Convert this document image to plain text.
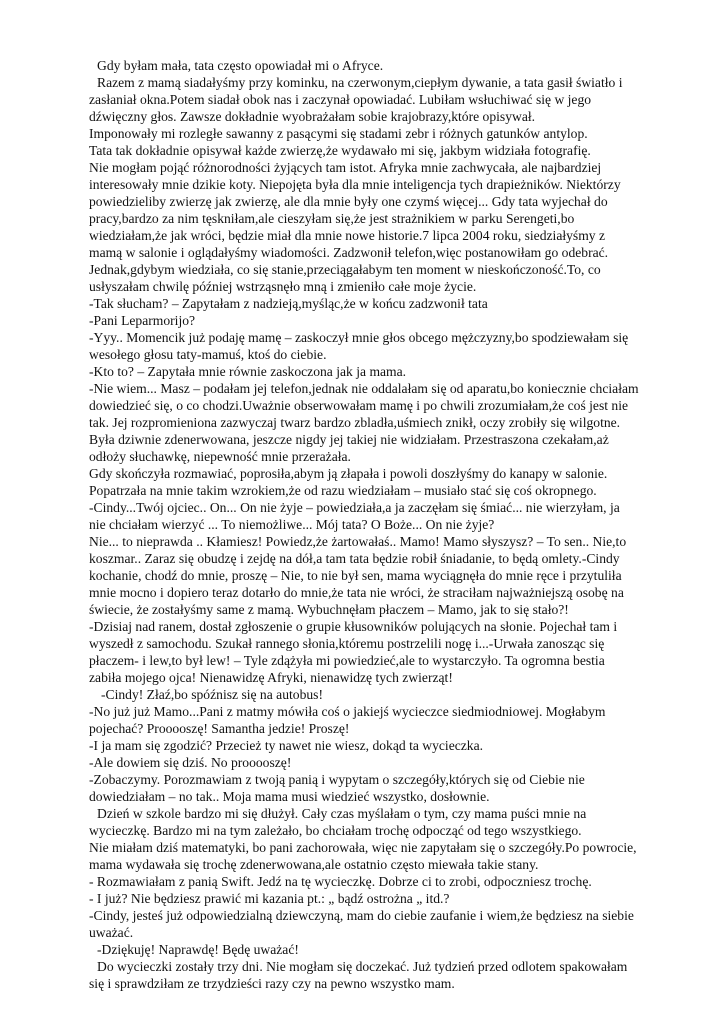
Gdy byłam mała, tata często opowiadał mi o Afryce.

Razem z mamą siadałyśmy przy kominku, na czerwonym,ciepłym dywanie, a tata gasił światło i zasłaniał okna.Potem siadał obok nas i zaczynał opowiadać. Lubiłam wsłuchiwać się w jego dźwięczny głos. Zawsze dokładnie wyobrażałam sobie krajobrazy,które opisywał.

Imponowały mi rozległe sawanny z pasącymi się stadami zebr i różnych gatunków antylop.

Tata tak dokładnie opisywał każde zwierzę,że wydawało mi się, jakbym widziała fotografię.

Nie mogłam pojąć różnorodności żyjących tam istot. Afryka mnie zachwycała, ale najbardziej interesowały mnie dzikie koty. Niepojęta była dla mnie inteligencja tych drapieżników. Niektórzy powiedzieliby zwierzę jak zwierzę, ale dla mnie były one czymś więcej... Gdy tata wyjechał do pracy,bardzo za nim tęskniłam,ale cieszyłam się,że jest strażnikiem w parku Serengeti,bo wiedziałam,że jak wróci, będzie miał dla mnie nowe historie.7 lipca 2004 roku, siedziałyśmy z mamą w salonie i oglądałyśmy wiadomości. Zadzwonił telefon,więc postanowiłam go odebrać.

Jednak,gdybym wiedziała, co się stanie,przeciągałabym ten moment w nieskończoność.To, co usłyszałam chwilę później wstrząsnęło mną i zmieniło całe moje życie.

-Tak słucham? – Zapytałam z nadzieją,myśląc,że w końcu zadzwonił tata

-Pani Leparmorijo?

-Yyy.. Momencik już podaję mamę – zaskoczył mnie głos obcego mężczyzny,bo spodziewałam się wesołego głosu taty-mamuś, ktoś do ciebie.

-Kto to? – Zapytała mnie równie zaskoczona jak ja mama.

-Nie wiem... Masz – podałam jej telefon,jednak nie oddalałam się od aparatu,bo koniecznie chciałam dowiedzieć się, o co chodzi.Uważnie obserwowałam mamę i po chwili zrozumiałam,że coś jest nie tak. Jej rozpromieniona zazwyczaj twarz bardzo zbladła,uśmiech znikł, oczy zrobiły się wilgotne. Była dziwnie zdenerwowana, jeszcze nigdy jej takiej nie widziałam. Przestraszona czekałam,aż odłoży słuchawkę, niepewność mnie przerażała.

Gdy skończyła rozmawiać, poprosiła,abym ją złapała i powoli doszłyśmy do kanapy w salonie. Popatrzała na mnie takim wzrokiem,że od razu wiedziałam – musiało stać się coś okropnego.

-Cindy...Twój ojciec.. On... On nie żyje – powiedziała,a ja zaczęłam się śmiać... nie wierzyłam, ja nie chciałam wierzyć ... To niemożliwe... Mój tata? O Boże... On nie żyje?

Nie... to nieprawda .. Kłamiesz! Powiedz,że żartowałaś.. Mamo! Mamo słyszysz? – To sen.. Nie,to koszmar.. Zaraz się obudzę i zejdę na dół,a tam tata będzie robił śniadanie, to będą omlety.-Cindy kochanie, chodź do mnie, proszę – Nie, to nie był sen, mama wyciągnęła do mnie ręce i przytuliła mnie mocno i dopiero teraz dotarło do mnie,że tata nie wróci, że straciłam najważniejszą osobę na świecie, że zostałyśmy same z mamą. Wybuchnęłam płaczem – Mamo, jak to się stało?!

-Dzisiaj nad ranem, dostał zgłoszenie o grupie kłusowników polujących na słonie. Pojechał tam i wyszedł z samochodu. Szukał rannego słonia,któremu postrzelili nogę i...-Urwała zanosząc się płaczem- i lew,to był lew! – Tyle zdążyła mi powiedzieć,ale to wystarczyło. Ta ogromna bestia zabiła mojego ojca! Nienawidzę Afryki, nienawidzę tych zwierząt!

-Cindy! Złaź,bo spóźnisz się na autobus!

-No już już Mamo...Pani z matmy mówiła coś o jakiejś wycieczce siedmiodniowej. Mogłabym pojechać? Prooooszę! Samantha jedzie! Proszę!

-I ja mam się zgodzić? Przecież ty nawet nie wiesz, dokąd ta wycieczka.

-Ale dowiem się dziś. No prooooszę!

-Zobaczymy. Porozmawiam z twoją panią i wypytam o szczegóły,których się od Ciebie nie dowiedziałam – no tak.. Moja mama musi wiedzieć wszystko, dosłownie.

Dzień w szkole bardzo mi się dłużył. Cały czas myślałam o tym, czy mama puści mnie na wycieczkę. Bardzo mi na tym zależało, bo chciałam trochę odpocząć od tego wszystkiego.

Nie miałam dziś matematyki, bo pani zachorowała, więc nie zapytałam się o szczegóły.Po powrocie, mama wydawała się trochę zdenerwowana,ale ostatnio często miewała takie stany.

- Rozmawiałam z panią Swift. Jedź na tę wycieczkę. Dobrze ci to zrobi, odpoczniesz trochę.

- I już? Nie będziesz prawić mi kazania pt.: „ bądź ostrożna „ itd.?

-Cindy, jesteś już odpowiedzialną dziewczyną, mam do ciebie zaufanie i wiem,że będziesz na siebie uważać.

-Dziękuję! Naprawdę! Będę uważać!

Do wycieczki zostały trzy dni. Nie mogłam się doczekać. Już tydzień przed odlotem spakowałam się i sprawdziłam ze trzydzieści razy czy na pewno wszystko mam.
